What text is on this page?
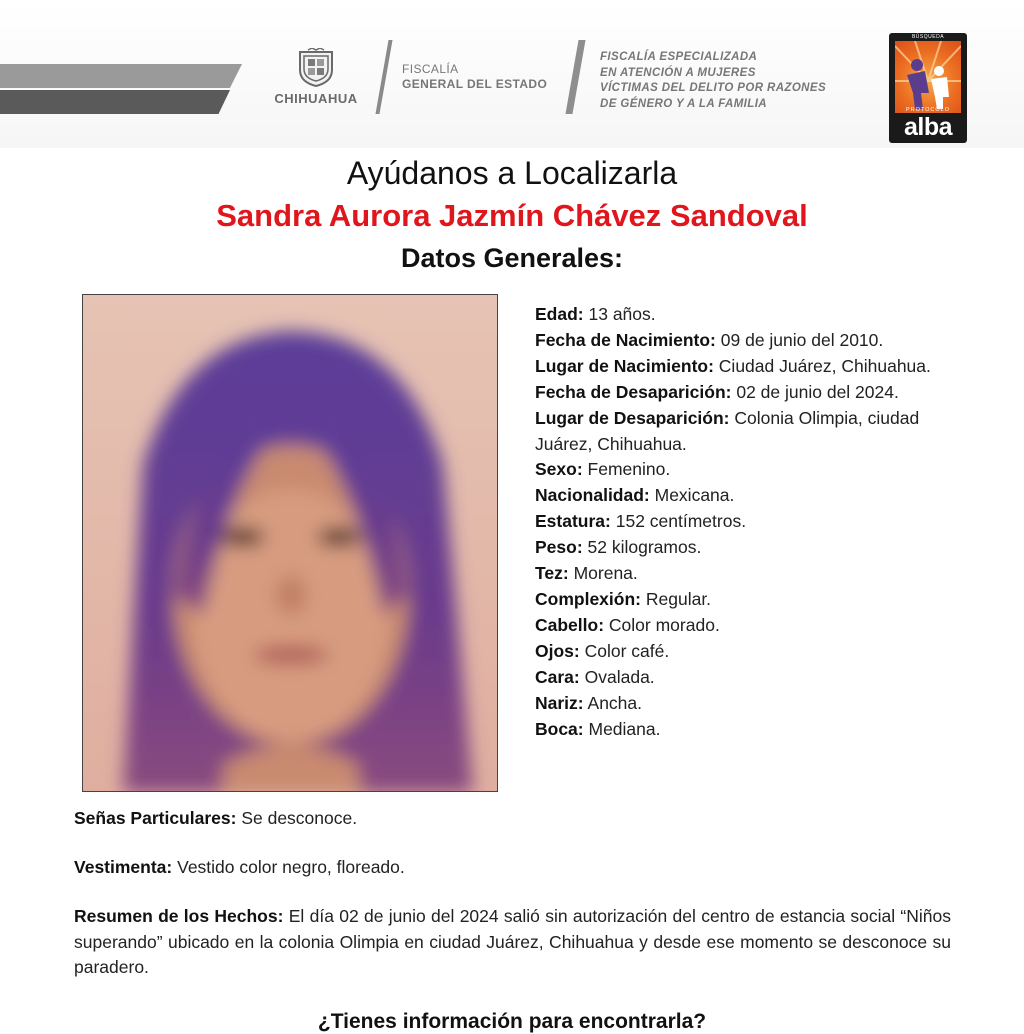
CHIHUAHUA
FISCALÍA
GENERAL DEL ESTADO
FISCALÍA ESPECIALIZADA
EN ATENCIÓN A MUJERES
VÍCTIMAS DEL DELITO POR RAZONES
DE GÉNERO Y A LA FAMILIA
BÚSQUEDA
PROTOCOLO
alba
Ayúdanos a Localizarla
Sandra Aurora Jazmín Chávez Sandoval
Datos Generales:
Edad: 13 años.
Fecha de Nacimiento: 09 de junio del 2010.
Lugar de Nacimiento: Ciudad Juárez, Chihuahua.
Fecha de Desaparición: 02 de junio del 2024.
Lugar de Desaparición: Colonia Olimpia, ciudad Juárez, Chihuahua.
Sexo: Femenino.
Nacionalidad: Mexicana.
Estatura: 152 centímetros.
Peso: 52 kilogramos.
Tez: Morena.
Complexión: Regular.
Cabello: Color morado.
Ojos: Color café.
Cara: Ovalada.
Nariz: Ancha.
Boca: Mediana.
Señas Particulares: Se desconoce.
Vestimenta: Vestido color negro, floreado.
Resumen de los Hechos: El día 02 de junio del 2024 salió sin autorización del centro de estancia social “Niños superando” ubicado en la colonia Olimpia en ciudad Juárez, Chihuahua y desde ese momento se desconoce su paradero.
¿Tienes información para encontrarla?
